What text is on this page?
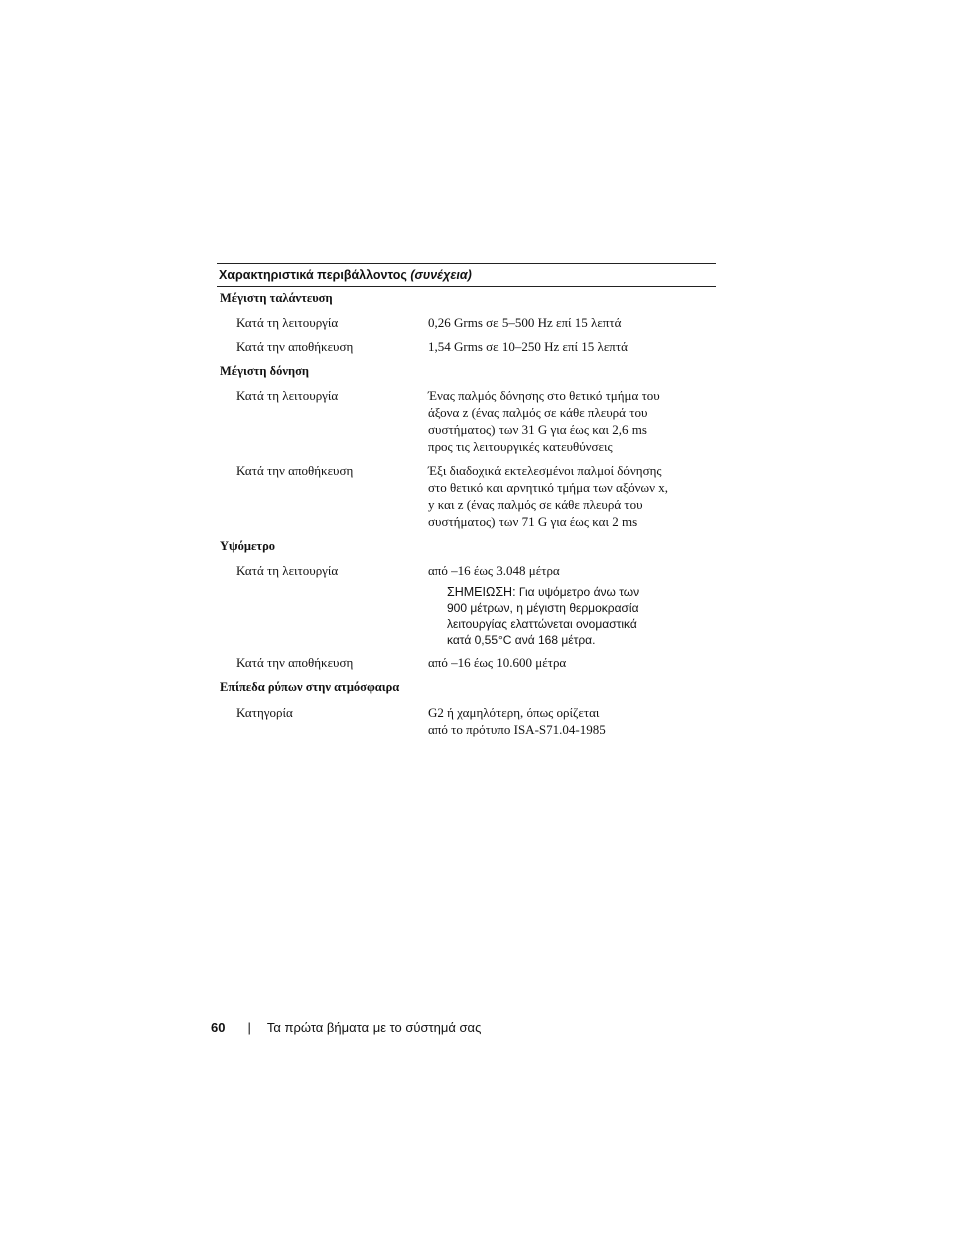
Χαρακτηριστικά περιβάλλοντος (συνέχεια)
Μέγιστη ταλάντευση
Κατά τη λειτουργία	0,26 Grms σε 5–500 Hz επί 15 λεπτά
Κατά την αποθήκευση	1,54 Grms σε 10–250 Hz επί 15 λεπτά
Μέγιστη δόνηση
Κατά τη λειτουργία	Ένας παλμός δόνησης στο θετικό τμήμα του
άξονα z (ένας παλμός σε κάθε πλευρά του
συστήματος) των 31 G για έως και 2,6 ms
προς τις λειτουργικές κατευθύνσεις
Κατά την αποθήκευση	Έξι διαδοχικά εκτελεσμένοι παλμοί δόνησης
στο θετικό και αρνητικό τμήμα των αξόνων x,
y και z (ένας παλμός σε κάθε πλευρά του
συστήματος) των 71 G για έως και 2 ms
Υψόμετρο
Κατά τη λειτουργία	από –16 έως 3.048 μέτρα
ΣΗΜΕΙΩΣΗ: Για υψόμετρο άνω των
900 μέτρων, η μέγιστη θερμοκρασία
λειτουργίας ελαττώνεται ονομαστικά
κατά 0,55°C ανά 168 μέτρα.
Κατά την αποθήκευση	από –16 έως 10.600 μέτρα
Επίπεδα ρύπων στην ατμόσφαιρα
Κατηγορία	G2 ή χαμηλότερη, όπως ορίζεται
από το πρότυπο ISA-S71.04-1985
60 | Τα πρώτα βήματα με το σύστημά σας
